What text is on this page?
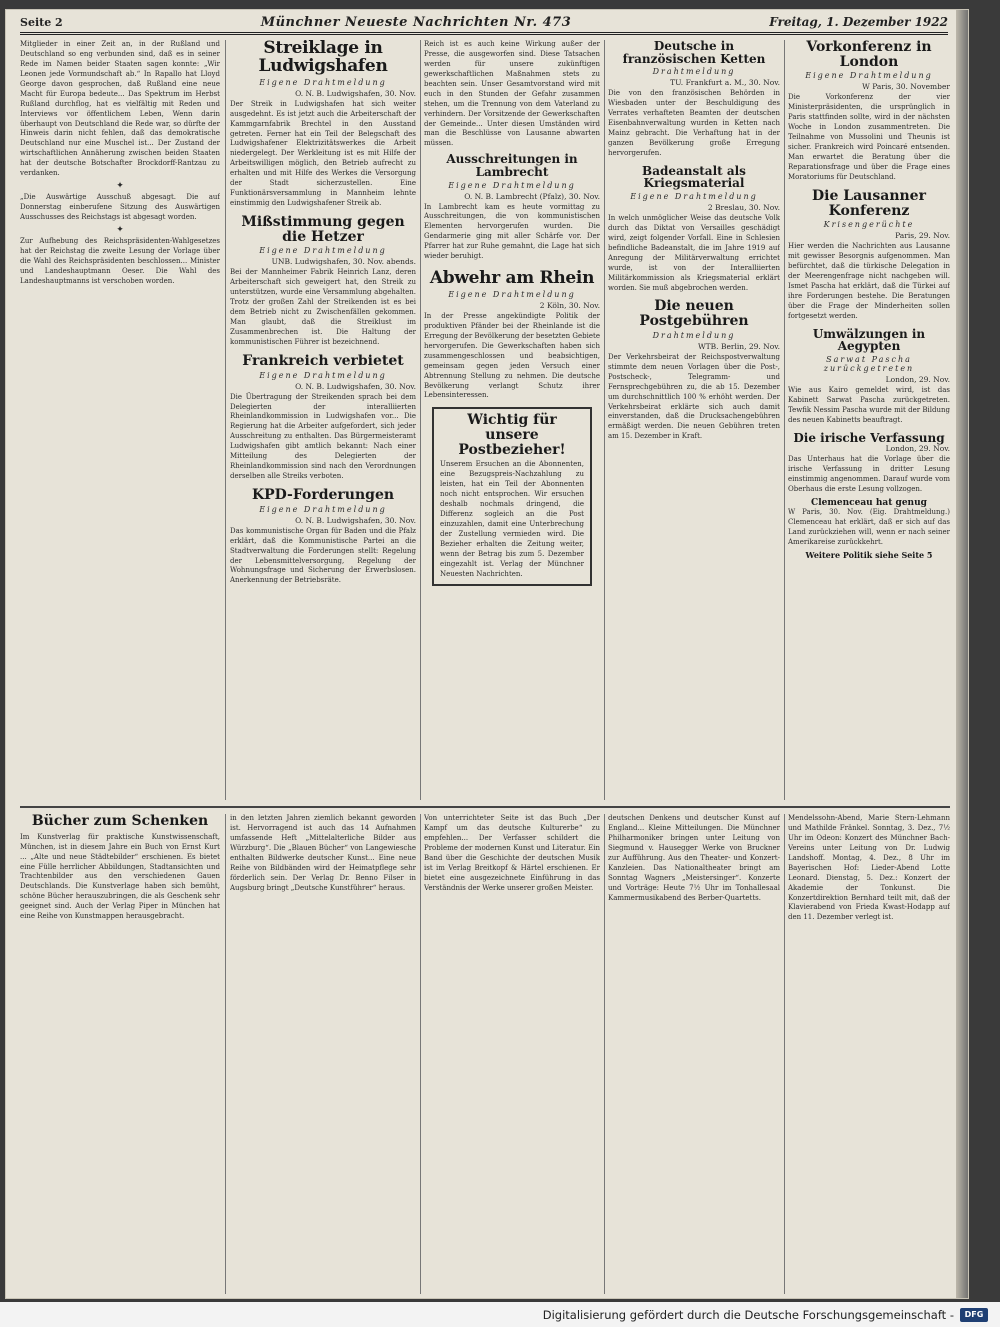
Seite 2	Münchner Neueste Nachrichten Nr. 473	Freitag, 1. Dezember 1922
Mitglieder in einer Zeit an, in der Rußland und Deutschland so eng verbunden sind, daß es in seiner Rede im Namen beider Staaten sagen konnte: „Wir Leonen jede Vormundschaft ab.“ In Rapallo hat Lloyd George davon gesprochen, daß Rußland eine neue Macht für Europa bedeute... Das Spektrum im Herbst Rußland durchflog, hat es vielfältig mit Reden und Interviews vor öffentlichem Leben, Wenn darin überhaupt von Deutschland die Rede war, so dürfte der Hinweis darin nicht fehlen, daß das demokratische Deutschland nur eine Muschel ist... Der Zustand der wirtschaftlichen Annäherung zwischen beiden Staaten hat der deutsche Botschafter Brockdorff-Rantzau zu verdanken.
✦
„Die Auswärtige Ausschuß abgesagt. Die auf Donnerstag einberufene Sitzung des Auswärtigen Ausschusses des Reichstags ist abgesagt worden.
✦
Zur Aufhebung des Reichspräsidenten-Wahlgesetzes hat der Reichstag die zweite Lesung der Vorlage über die Wahl des Reichspräsidenten beschlossen... Minister und Landeshauptmann Oeser. Die Wahl des Landeshauptmanns ist verschoben worden.
Streiklage in Ludwigshafen
Eigene Drahtmeldung
O. N. B. Ludwigshafen, 30. Nov.
Der Streik in Ludwigshafen hat sich weiter ausgedehnt. Es ist jetzt auch die Arbeiterschaft der Kammgarnfabrik Brechtel in den Ausstand getreten. Ferner hat ein Teil der Belegschaft des Ludwigshafener Elektrizitätswerkes die Arbeit niedergelegt. Der Werkleitung ist es mit Hilfe der Arbeitswilligen möglich, den Betrieb aufrecht zu erhalten und mit Hilfe des Werkes die Versorgung der Stadt sicherzustellen. Eine Funktionärsversammlung in Mannheim lehnte einstimmig den Ludwigshafener Streik ab.
Mißstimmung gegen die Hetzer
Eigene Drahtmeldung
UNB. Ludwigshafen, 30. Nov. abends.
Bei der Mannheimer Fabrik Heinrich Lanz, deren Arbeiterschaft sich geweigert hat, den Streik zu unterstützen, wurde eine Versammlung abgehalten. Trotz der großen Zahl der Streikenden ist es bei dem Betrieb nicht zu Zwischenfällen gekommen. Man glaubt, daß die Streiklust im Zusammenbrechen ist. Die Haltung der kommunistischen Führer ist bezeichnend.
Frankreich verbietet
Eigene Drahtmeldung
O. N. B. Ludwigshafen, 30. Nov.
Die Übertragung der Streikenden sprach bei dem Delegierten der interalliierten Rheinlandkommission in Ludwigshafen vor... Die Regierung hat die Arbeiter aufgefordert, sich jeder Ausschreitung zu enthalten. Das Bürgermeisteramt Ludwigshafen gibt amtlich bekannt: Nach einer Mitteilung des Delegierten der Rheinlandkommission sind nach den Verordnungen derselben alle Streiks verboten.
KPD-Forderungen
Eigene Drahtmeldung
O. N. B. Ludwigshafen, 30. Nov.
Das kommunistische Organ für Baden und die Pfalz erklärt, daß die Kommunistische Partei an die Stadtverwaltung die Forderungen stellt: Regelung der Lebensmittelversorgung, Regelung der Wohnungsfrage und Sicherung der Erwerbslosen. Anerkennung der Betriebsräte.
Reich ist es auch keine Wirkung außer der Presse, die ausgeworfen sind. Diese Tatsachen werden für unsere zukünftigen gewerkschaftlichen Maßnahmen stets zu beachten sein. Unser Gesamtvorstand wird mit euch in den Stunden der Gefahr zusammen stehen, um die Trennung von dem Vaterland zu verhindern. Der Vorsitzende der Gewerkschaften der Gemeinde... Unter diesen Umständen wird man die Beschlüsse von Lausanne abwarten müssen.
Ausschreitungen in Lambrecht
Eigene Drahtmeldung
O. N. B. Lambrecht (Pfalz), 30. Nov.
In Lambrecht kam es heute vormittag zu Ausschreitungen, die von kommunistischen Elementen hervorgerufen wurden. Die Gendarmerie ging mit aller Schärfe vor. Der Pfarrer hat zur Ruhe gemahnt, die Lage hat sich wieder beruhigt.
Abwehr am Rhein
Eigene Drahtmeldung
2 Köln, 30. Nov.
In der Presse angekündigte Politik der produktiven Pfänder bei der Rheinlande ist die Erregung der Bevölkerung der besetzten Gebiete hervorgerufen. Die Gewerkschaften haben sich zusammengeschlossen und beabsichtigen, gemeinsam gegen jeden Versuch einer Abtrennung Stellung zu nehmen. Die deutsche Bevölkerung verlangt Schutz ihrer Lebensinteressen.
Wichtig für unsere Postbezieher!
Unserem Ersuchen an die Abonnenten, eine Bezugspreis-Nachzahlung zu leisten, hat ein Teil der Abonnenten noch nicht entsprochen. Wir ersuchen deshalb nochmals dringend, die Differenz sogleich an die Post einzuzahlen, damit eine Unterbrechung der Zustellung vermieden wird. Die Bezieher erhalten die Zeitung weiter, wenn der Betrag bis zum 5. Dezember eingezahlt ist. Verlag der Münchner Neuesten Nachrichten.
Deutsche in französischen Ketten
Drahtmeldung
TU. Frankfurt a. M., 30. Nov.
Die von den französischen Behörden in Wiesbaden unter der Beschuldigung des Verrates verhafteten Beamten der deutschen Eisenbahnverwaltung wurden in Ketten nach Mainz gebracht. Die Verhaftung hat in der ganzen Bevölkerung große Erregung hervorgerufen.
Badeanstalt als Kriegsmaterial
Eigene Drahtmeldung
2 Breslau, 30. Nov.
In welch unmöglicher Weise das deutsche Volk durch das Diktat von Versailles geschädigt wird, zeigt folgender Vorfall. Eine in Schlesien befindliche Badeanstalt, die im Jahre 1919 auf Anregung der Militärverwaltung errichtet wurde, ist von der Interalliierten Militärkommission als Kriegsmaterial erklärt worden. Sie muß abgebrochen werden.
Die neuen Postgebühren
Drahtmeldung
WTB. Berlin, 29. Nov.
Der Verkehrsbeirat der Reichspostverwaltung stimmte dem neuen Vorlagen über die Post-, Postscheck-, Telegramm- und Fernsprechgebühren zu, die ab 15. Dezember um durchschnittlich 100 % erhöht werden. Der Verkehrsbeirat erklärte sich auch damit einverstanden, daß die Drucksachengebühren ermäßigt werden. Die neuen Gebühren treten am 15. Dezember in Kraft.
Vorkonferenz in London
Eigene Drahtmeldung
W Paris, 30. November
Die Vorkonferenz der vier Ministerpräsidenten, die ursprünglich in Paris stattfinden sollte, wird in der nächsten Woche in London zusammentreten. Die Teilnahme von Mussolini und Theunis ist sicher. Frankreich wird Poincaré entsenden. Man erwartet die Beratung über die Reparationsfrage und über die Frage eines Moratoriums für Deutschland.
Die Lausanner Konferenz
Krisengerüchte
Paris, 29. Nov.
Hier werden die Nachrichten aus Lausanne mit gewisser Besorgnis aufgenommen. Man befürchtet, daß die türkische Delegation in der Meerengenfrage nicht nachgeben will. Ismet Pascha hat erklärt, daß die Türkei auf ihre Forderungen bestehe. Die Beratungen über die Frage der Minderheiten sollen fortgesetzt werden.
Umwälzungen in Aegypten
Sarwat Pascha zurückgetreten
London, 29. Nov.
Wie aus Kairo gemeldet wird, ist das Kabinett Sarwat Pascha zurückgetreten. Tewfik Nessim Pascha wurde mit der Bildung des neuen Kabinetts beauftragt.
Die irische Verfassung
London, 29. Nov.
Das Unterhaus hat die Vorlage über die irische Verfassung in dritter Lesung einstimmig angenommen. Darauf wurde vom Oberhaus die erste Lesung vollzogen.
Clemenceau hat genug
W Paris, 30. Nov. (Eig. Drahtmeldung.) Clemenceau hat erklärt, daß er sich auf das Land zurückziehen will, wenn er nach seiner Amerikareise zurückkehrt.
Weitere Politik siehe Seite 5
Bücher zum Schenken
Im Kunstverlag für praktische Kunstwissenschaft, München, ist in diesem Jahre ein Buch von Ernst Kurt ... „Alte und neue Städtebilder“ erschienen. Es bietet eine Fülle herrlicher Abbildungen, Stadtansichten und Trachtenbilder aus den verschiedenen Gauen Deutschlands. Die Kunstverlage haben sich bemüht, schöne Bücher herauszubringen, die als Geschenk sehr geeignet sind. Auch der Verlag Piper in München hat eine Reihe von Kunstmappen herausgebracht.
in den letzten Jahren ziemlich bekannt geworden ist. Hervorragend ist auch das 14 Aufnahmen umfassende Heft „Mittelalterliche Bilder aus Würzburg“. Die „Blauen Bücher“ von Langewiesche enthalten Bildwerke deutscher Kunst... Eine neue Reihe von Bildbänden wird der Heimatpflege sehr förderlich sein. Der Verlag Dr. Benno Filser in Augsburg bringt „Deutsche Kunstführer“ heraus.
Von unterrichteter Seite ist das Buch „Der Kampf um das deutsche Kulturerbe“ zu empfehlen... Der Verfasser schildert die Probleme der modernen Kunst und Literatur. Ein Band über die Geschichte der deutschen Musik ist im Verlag Breitkopf & Härtel erschienen. Er bietet eine ausgezeichnete Einführung in das Verständnis der Werke unserer großen Meister.
deutschen Denkens und deutscher Kunst auf England... Kleine Mitteilungen. Die Münchner Philharmoniker bringen unter Leitung von Siegmund v. Hausegger Werke von Bruckner zur Aufführung. Aus den Theater- und Konzert-Kanzleien. Das Nationaltheater bringt am Sonntag Wagners „Meistersinger“. Konzerte und Vorträge: Heute 7½ Uhr im Tonhallesaal Kammermusikabend des Berber-Quartetts.
Mendelssohn-Abend, Marie Stern-Lehmann und Mathilde Fränkel. Sonntag, 3. Dez., 7½ Uhr im Odeon: Konzert des Münchner Bach-Vereins unter Leitung von Dr. Ludwig Landshoff. Montag, 4. Dez., 8 Uhr im Bayerischen Hof: Lieder-Abend Lotte Leonard. Dienstag, 5. Dez.: Konzert der Akademie der Tonkunst. Die Konzertdirektion Bernhard teilt mit, daß der Klavierabend von Frieda Kwast-Hodapp auf den 11. Dezember verlegt ist.
Digitalisierung gefördert durch die Deutsche Forschungsgemeinschaft -	DFG
